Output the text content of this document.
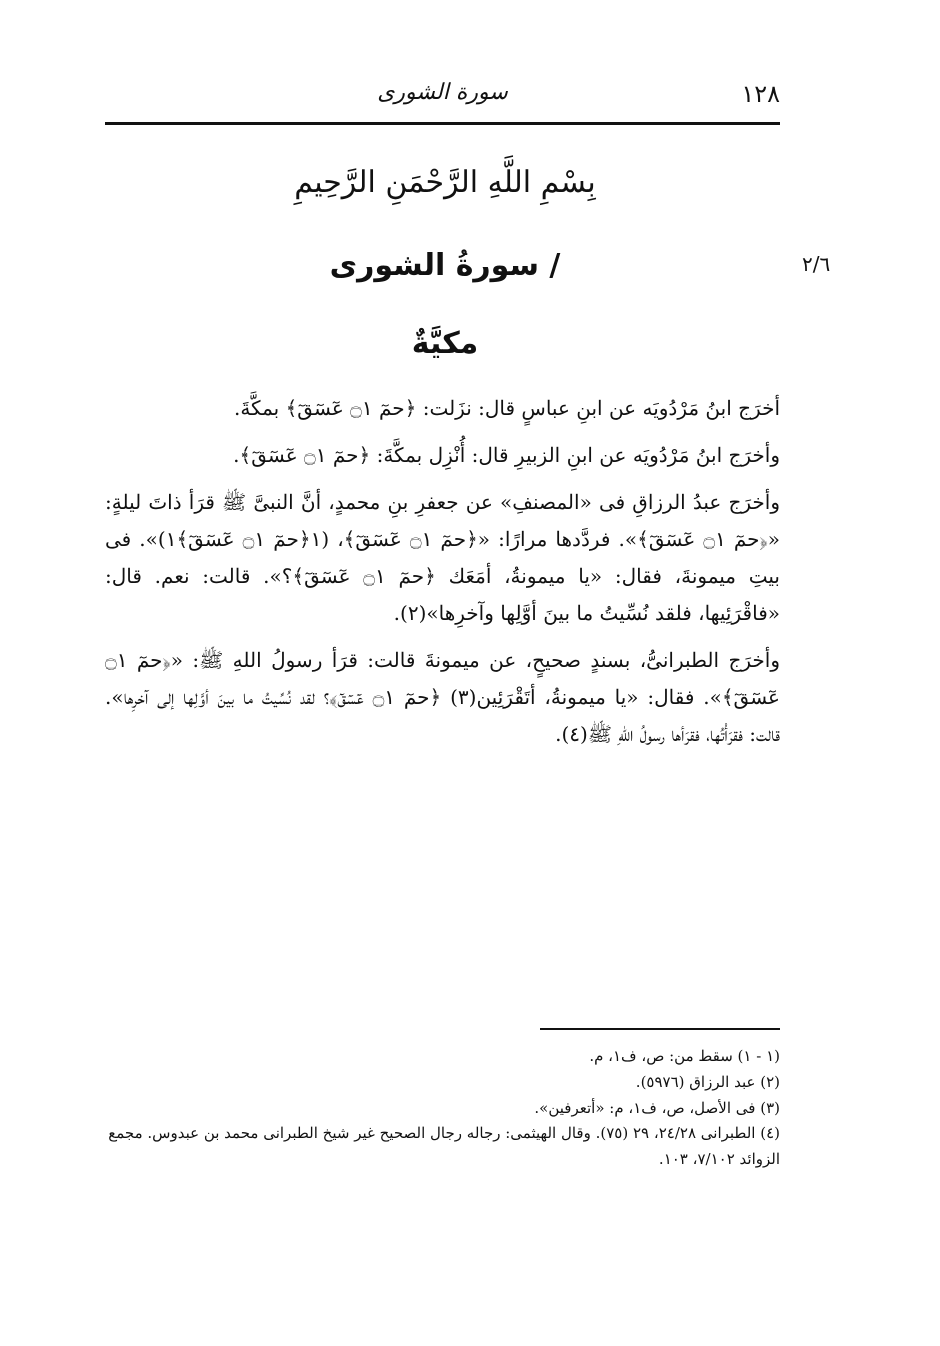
١٢٨
سورة الشورى
بِسْمِ اللَّهِ الرَّحْمَنِ الرَّحِيمِ
٢/٦
/ سورةُ الشورى
مكيَّةٌ

أخرَج ابنُ مَرْدُويَه عن ابنِ عباسٍ قال: نزَلت: ﴿حمٓ ۝١ عٓسٓقٓ﴾ بمكَّةَ.

وأخرَج ابنُ مَرْدُويَه عن ابنِ الزبيرِ قال: أُنْزِل بمكَّةَ: ﴿حمٓ ۝١ عٓسٓقٓ﴾.

وأخرَج عبدُ الرزاقِ فى «المصنفِ» عن جعفرِ بنِ محمدٍ، أنَّ النبىَّ ﷺ قرَأ ذاتَ ليلةٍ: «﴿حمٓ ۝١ عٓسٓقٓ﴾». فردَّدها مرارًا: «﴿حمٓ ۝١ عٓسٓقٓ﴾، (١﴿حمٓ ۝١ عٓسٓقٓ﴾١)». فى بيتِ ميمونةَ، فقال: «يا ميمونةُ، أمَعَك ﴿حمٓ ۝١ عٓسٓقٓ﴾؟». قالت: نعم. قال: «فاقْرَئِيها، فلقد نُسِّيتُ ما بينَ أوَّلِها وآخرِها»(٢).

وأخرَج الطبرانىُّ، بسندٍ صحيحٍ، عن ميمونةَ قالت: قرَأ رسولُ اللهِ ﷺ: «﴿حمٓ ۝١ عٓسٓقٓ﴾». فقال: «يا ميمونةُ، أتَقْرَئِين(٣) ﴿حمٓ ۝١ عٓسٓقٓ﴾؟ لقد نُسِّيتُ ما بينَ أوَّلِها إلى آخرِها». قالت: فقرَأْتُها، فقرَأها رسولُ اللهِ ﷺ(٤).

(١ - ١) سقط من: ص، ف١، م.
(٢) عبد الرزاق (٥٩٧٦).
(٣) فى الأصل، ص، ف١، م: «أتعرفين».
(٤) الطبرانى ٢٤/٢٨، ٢٩ (٧٥). وقال الهيثمى: رجاله رجال الصحيح غير شيخ الطبرانى محمد بن عبدوس. مجمع الزوائد ٧/١٠٢، ١٠٣.
